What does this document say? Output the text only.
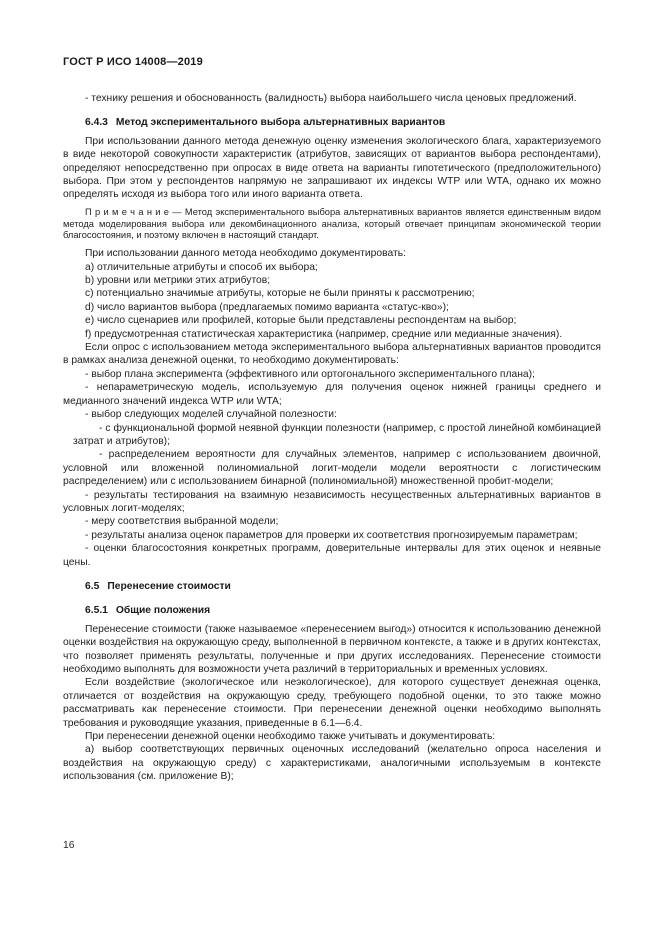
ГОСТ Р ИСО 14008—2019
- технику решения и обоснованность (валидность) выбора наибольшего числа ценовых предложений.
6.4.3 Метод экспериментального выбора альтернативных вариантов
При использовании данного метода денежную оценку изменения экологического блага, характеризуемого в виде некоторой совокупности характеристик (атрибутов, зависящих от вариантов выбора респондентами), определяют непосредственно при опросах в виде ответа на варианты гипотетического (предположительного) выбора. При этом у респондентов напрямую не запрашивают их индексы WTP или WTA, однако их можно определять исходя из выбора того или иного варианта ответа.
П р и м е ч а н и е — Метод экспериментального выбора альтернативных вариантов является единственным видом метода моделирования выбора или декомбинационного анализа, который отвечает принципам экономической теории благосостояния, и поэтому включен в настоящий стандарт.
При использовании данного метода необходимо документировать:
a) отличительные атрибуты и способ их выбора;
b) уровни или метрики этих атрибутов;
c) потенциально значимые атрибуты, которые не были приняты к рассмотрению;
d) число вариантов выбора (предлагаемых помимо варианта «статус-кво»);
e) число сценариев или профилей, которые были представлены респондентам на выбор;
f) предусмотренная статистическая характеристика (например, средние или медианные значения).
Если опрос с использованием метода экспериментального выбора альтернативных вариантов проводится в рамках анализа денежной оценки, то необходимо документировать:
- выбор плана эксперимента (эффективного или ортогонального экспериментального плана);
- непараметрическую модель, используемую для получения оценок нижней границы среднего и медианного значений индекса WTP или WTA;
- выбор следующих моделей случайной полезности:
- с функциональной формой неявной функции полезности (например, с простой линейной комбинацией затрат и атрибутов);
- распределением вероятности для случайных элементов, например с использованием двоичной, условной или вложенной полиномиальной логит-модели модели вероятности с логистическим распределением) или с использованием бинарной (полиномиальной) множественной пробит-модели;
- результаты тестирования на взаимную независимость несущественных альтернативных вариантов в условных логит-моделях;
- меру соответствия выбранной модели;
- результаты анализа оценок параметров для проверки их соответствия прогнозируемым параметрам;
- оценки благосостояния конкретных программ, доверительные интервалы для этих оценок и неявные цены.
6.5 Перенесение стоимости
6.5.1 Общие положения
Перенесение стоимости (также называемое «перенесением выгод») относится к использованию денежной оценки воздействия на окружающую среду, выполненной в первичном контексте, а также и в других контекстах, что позволяет применять результаты, полученные и при других исследованиях. Перенесение стоимости необходимо выполнять для возможности учета различий в территориальных и временных условиях.
Если воздействие (экологическое или неэкологическое), для которого существует денежная оценка, отличается от воздействия на окружающую среду, требующего подобной оценки, то это также можно рассматривать как перенесение стоимости. При перенесении денежной оценки необходимо выполнять требования и руководящие указания, приведенные в 6.1—6.4.
При перенесении денежной оценки необходимо также учитывать и документировать:
a) выбор соответствующих первичных оценочных исследований (желательно опроса населения и воздействия на окружающую среду) с характеристиками, аналогичными используемым в контексте использования (см. приложение В);
16
